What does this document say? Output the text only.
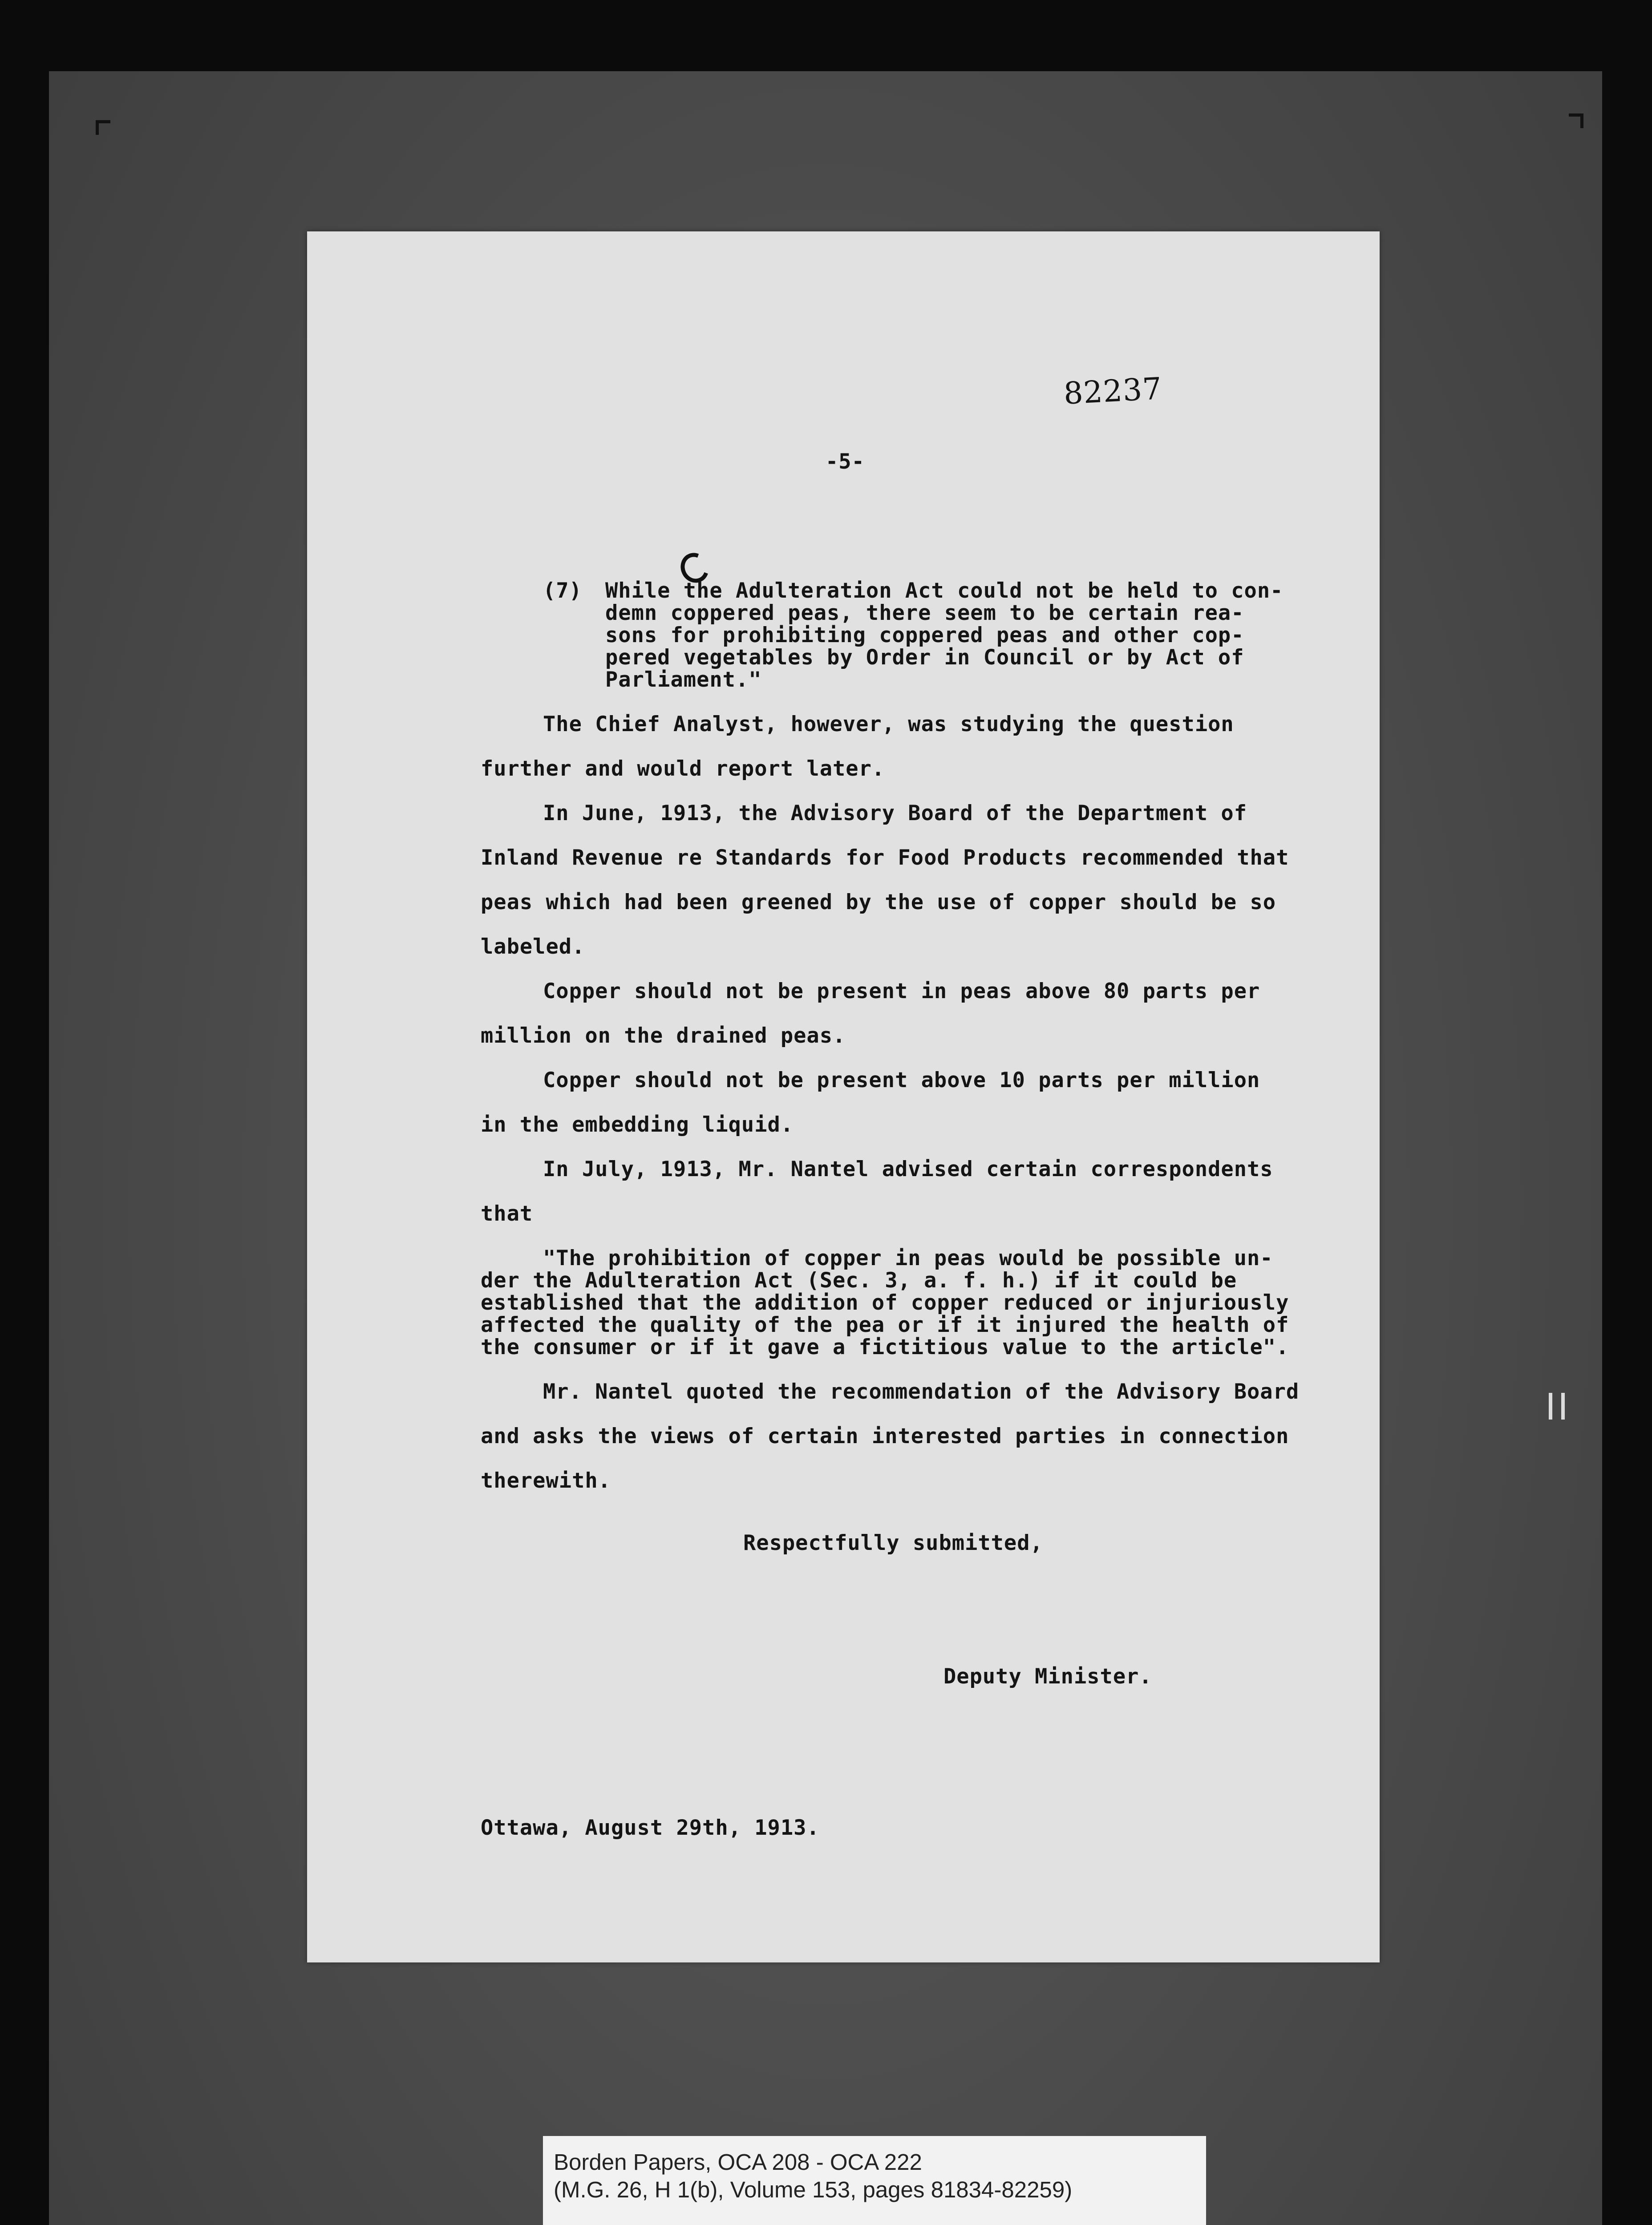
82237
-5-
(7) While the Adulteration Act could not be held to con-
demn coppered peas, there seem to be certain rea-
sons for prohibiting coppered peas and other cop-
pered vegetables by Order in Council or by Act of
Parliament."
The Chief Analyst, however, was studying the question
further and would report later.
In June, 1913, the Advisory Board of the Department of
Inland Revenue re Standards for Food Products recommended that
peas which had been greened by the use of copper should be so
labeled.
Copper should not be present in peas above 80 parts per
million on the drained peas.
Copper should not be present above 10 parts per million
in the embedding liquid.
In July, 1913, Mr. Nantel advised certain correspondents
that
"The prohibition of copper in peas would be possible un-
der the Adulteration Act (Sec. 3, a. f. h.) if it could be
established that the addition of copper reduced or injuriously
affected the quality of the pea or if it injured the health of
the consumer or if it gave a fictitious value to the article".
Mr. Nantel quoted the recommendation of the Advisory Board
and asks the views of certain interested parties in connection
therewith.
Respectfully submitted,
Deputy Minister.
Ottawa, August 29th, 1913.
Borden Papers, OCA 208 - OCA 222
(M.G. 26, H 1(b), Volume 153, pages 81834-82259)
